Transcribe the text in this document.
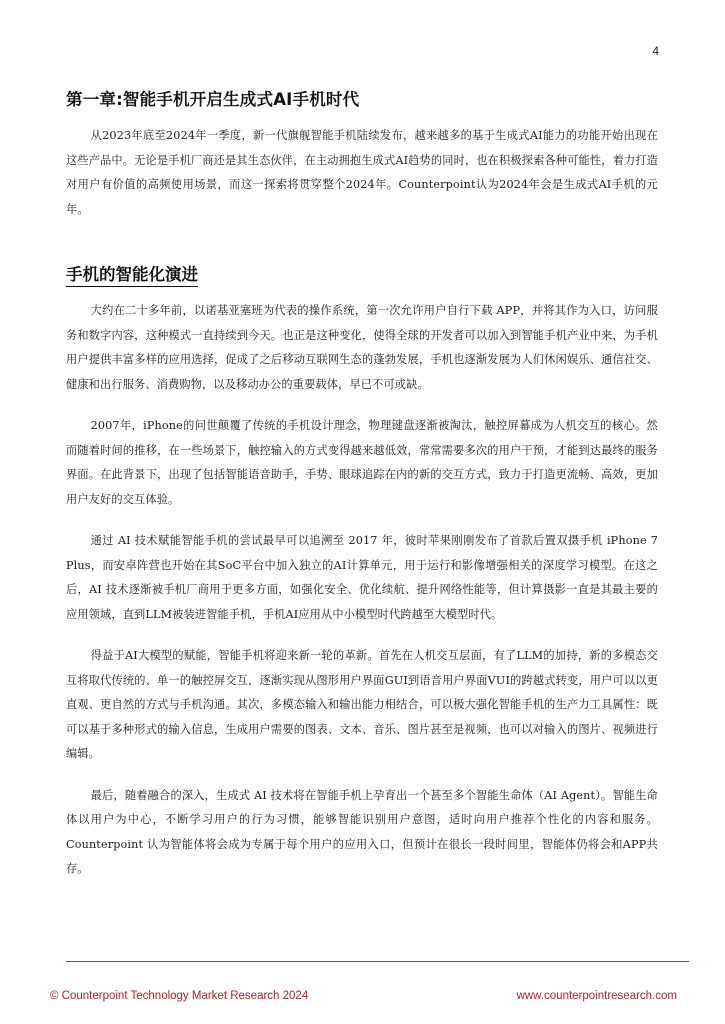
4
第一章:智能手机开启生成式AI手机时代

从2023年底至2024年一季度，新一代旗舰智能手机陆续发布，越来越多的基于生成式AI能力的功能开始出现在这些产品中。无论是手机厂商还是其生态伙伴，在主动拥抱生成式AI趋势的同时，也在积极探索各种可能性，着力打造对用户有价值的高频使用场景，而这一探索将贯穿整个2024年。Counterpoint认为2024年会是生成式AI手机的元年。

手机的智能化演进

大约在二十多年前，以诺基亚塞班为代表的操作系统，第一次允许用户自行下载 APP，并将其作为入口，访问服务和数字内容，这种模式一直持续到今天。也正是这种变化，使得全球的开发者可以加入到智能手机产业中来，为手机用户提供丰富多样的应用选择，促成了之后移动互联网生态的蓬勃发展，手机也逐渐发展为人们休闲娱乐、通信社交、健康和出行服务、消费购物，以及移动办公的重要载体，早已不可或缺。

2007年，iPhone的问世颠覆了传统的手机设计理念，物理键盘逐渐被淘汰，触控屏幕成为人机交互的核心。然而随着时间的推移，在一些场景下，触控输入的方式变得越来越低效，常常需要多次的用户干预，才能到达最终的服务界面。在此背景下，出现了包括智能语音助手，手势、眼球追踪在内的新的交互方式，致力于打造更流畅、高效，更加用户友好的交互体验。

通过 AI 技术赋能智能手机的尝试最早可以追溯至 2017 年，彼时苹果刚刚发布了首款后置双摄手机 iPhone 7 Plus，而安卓阵营也开始在其SoC平台中加入独立的AI计算单元，用于运行和影像增强相关的深度学习模型。在这之后，AI 技术逐渐被手机厂商用于更多方面，如强化安全、优化续航、提升网络性能等，但计算摄影一直是其最主要的应用领域，直到LLM被装进智能手机，手机AI应用从中小模型时代跨越至大模型时代。

得益于AI大模型的赋能，智能手机将迎来新一轮的革新。首先在人机交互层面，有了LLM的加持，新的多模态交互将取代传统的、单一的触控屏交互，逐渐实现从图形用户界面GUI到语音用户界面VUI的跨越式转变，用户可以以更直观、更自然的方式与手机沟通。其次，多模态输入和输出能力相结合，可以极大强化智能手机的生产力工具属性：既可以基于多种形式的输入信息，生成用户需要的图表、文本、音乐、图片甚至是视频，也可以对输入的图片、视频进行编辑。

最后，随着融合的深入，生成式 AI 技术将在智能手机上孕育出一个甚至多个智能生命体（AI Agent）。智能生命体以用户为中心，不断学习用户的行为习惯，能够智能识别用户意图，适时向用户推荐个性化的内容和服务。Counterpoint 认为智能体将会成为专属于每个用户的应用入口，但预计在很长一段时间里，智能体仍将会和APP共存。

© Counterpoint Technology Market Research 2024	www.counterpointresearch.com
